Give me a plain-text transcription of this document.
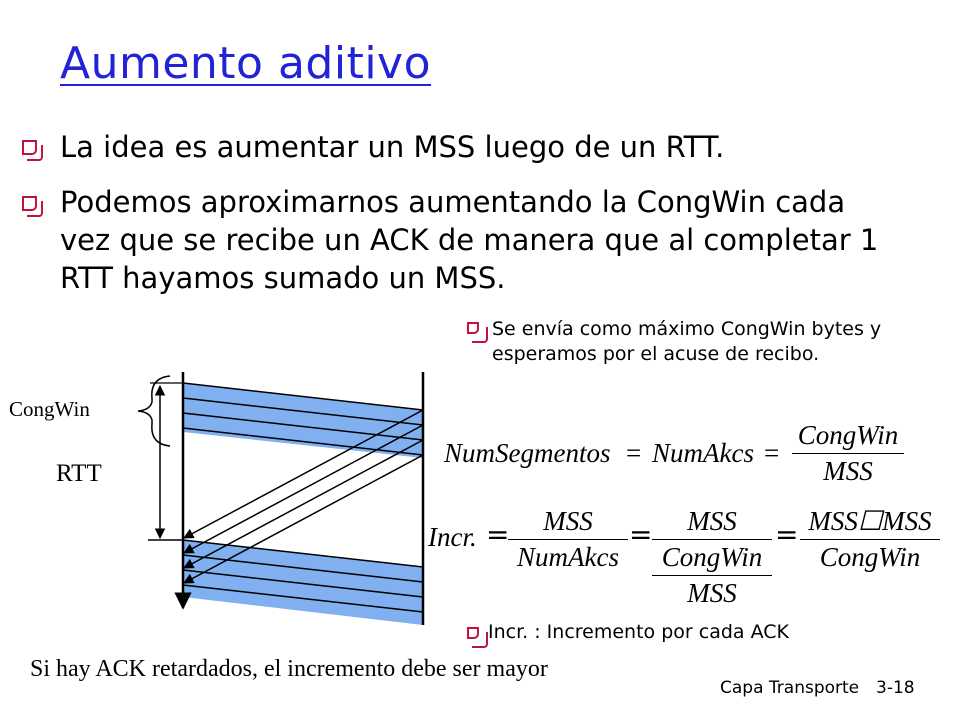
Aumento aditivo
La idea es aumentar un MSS luego de un RTT.
Podemos aproximarnos aumentando la CongWin cada vez que se recibe un ACK de manera que al completar 1 RTT hayamos sumado un MSS.
Se envía como máximo CongWin bytes y esperamos por el acuse de recibo.
CongWin
RTT
NumSegmentos = NumAkcs =
CongWin
MSS
Incr. =	MSS
NumAkcs
=	MSS
CongWin
MSS
= MSS☐MSS
CongWin
Incr. : Incremento por cada ACK
Si hay ACK retardados, el incremento debe ser mayor
Capa Transporte 3-18
